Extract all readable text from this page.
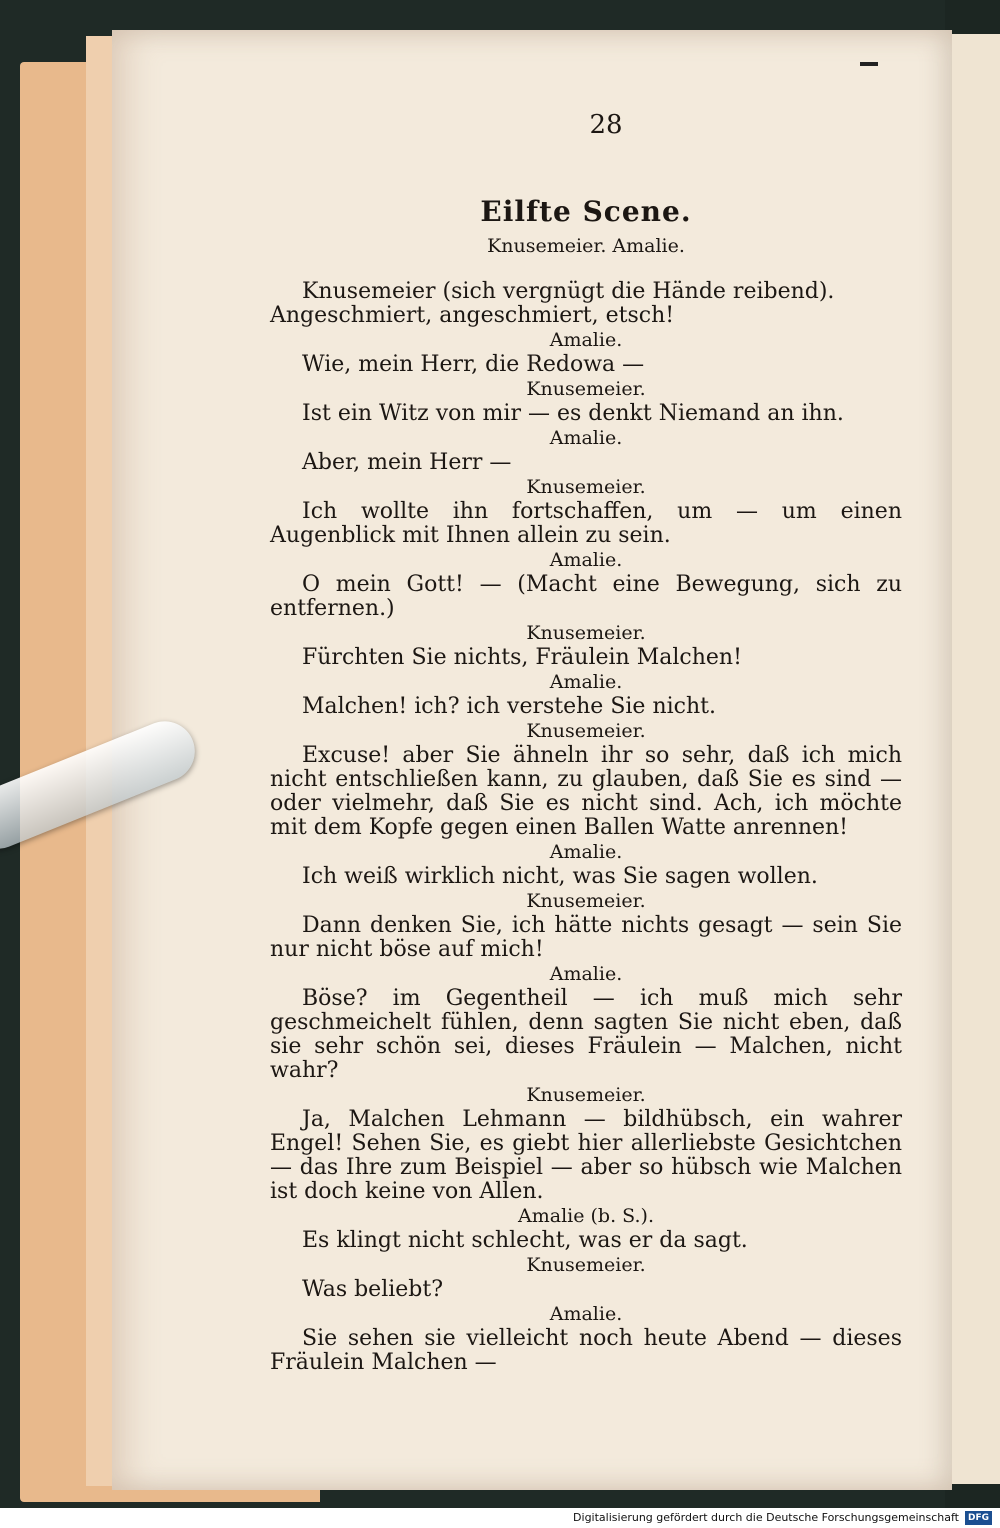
28
Eilfte Scene.
Knusemeier. Amalie.

Knusemeier (sich vergnügt die Hände reibend).

Angeschmiert, angeschmiert, etsch!

Amalie.

Wie, mein Herr, die Redowa —

Knusemeier.

Ist ein Witz von mir — es denkt Niemand an ihn.

Amalie.

Aber, mein Herr —

Knusemeier.

Ich wollte ihn fortschaffen, um — um einen Augenblick mit Ihnen allein zu sein.

Amalie.

O mein Gott! — (Macht eine Bewegung, sich zu entfernen.)

Knusemeier.

Fürchten Sie nichts, Fräulein Malchen!

Amalie.

Malchen! ich? ich verstehe Sie nicht.

Knusemeier.

Excuse! aber Sie ähneln ihr so sehr, daß ich mich nicht entschließen kann, zu glauben, daß Sie es sind — oder vielmehr, daß Sie es nicht sind. Ach, ich möchte mit dem Kopfe gegen einen Ballen Watte anrennen!

Amalie.

Ich weiß wirklich nicht, was Sie sagen wollen.

Knusemeier.

Dann denken Sie, ich hätte nichts gesagt — sein Sie nur nicht böse auf mich!

Amalie.

Böse? im Gegentheil — ich muß mich sehr geschmeichelt fühlen, denn sagten Sie nicht eben, daß sie sehr schön sei, dieses Fräulein — Malchen, nicht wahr?

Knusemeier.

Ja, Malchen Lehmann — bildhübsch, ein wahrer Engel! Sehen Sie, es giebt hier allerliebste Gesichtchen — das Ihre zum Beispiel — aber so hübsch wie Malchen ist doch keine von Allen.

Amalie (b. S.).

Es klingt nicht schlecht, was er da sagt.

Knusemeier.

Was beliebt?

Amalie.

Sie sehen sie vielleicht noch heute Abend — dieses Fräulein Malchen —

Digitalisierung gefördert durch die Deutsche Forschungsgemeinschaft DFG
